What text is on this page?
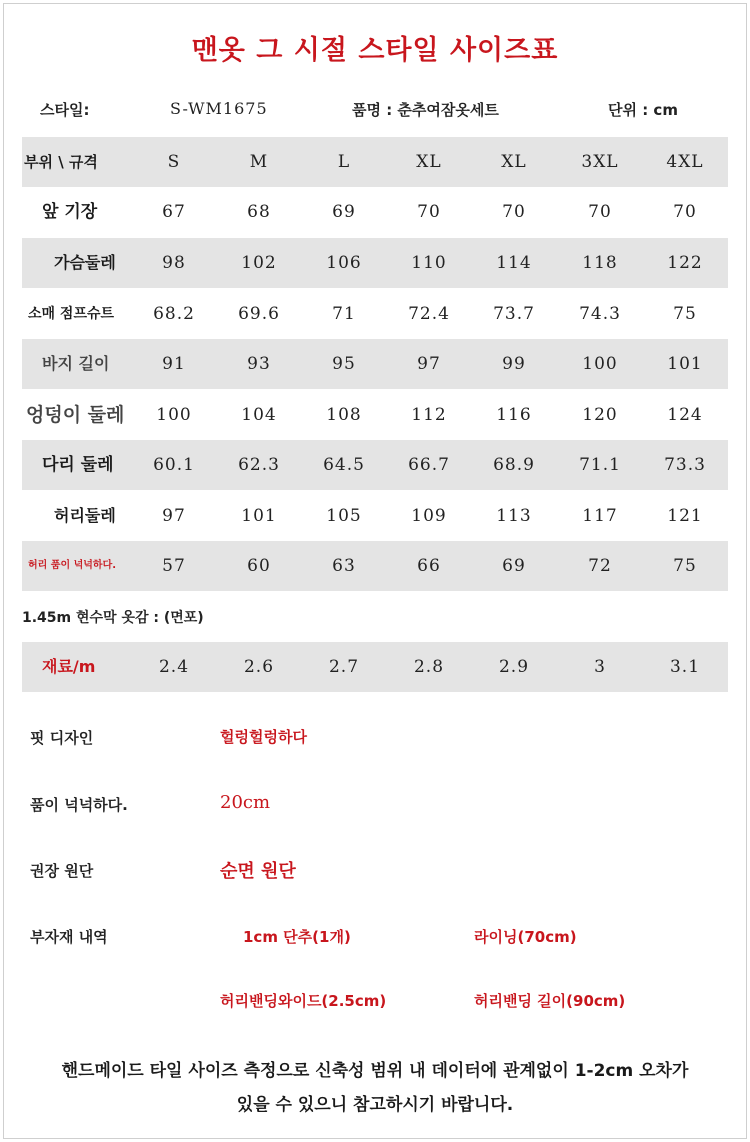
맨옷 그 시절 스타일 사이즈표
스타일:	S-WM1675	품명 : 춘추여잠옷세트	단위 : cm
부위 \ 규격	S	M	L	XL	XL	3XL	4XL
앞 기장	67	68	69	70	70	70	70
가슴둘레	98	102	106	110	114	118	122
소매 점프슈트	68.2	69.6	71	72.4	73.7	74.3	75
바지 길이	91	93	95	97	99	100	101
엉덩이 둘레	100	104	108	112	116	120	124
다리 둘레	60.1	62.3	64.5	66.7	68.9	71.1	73.3
허리둘레	97	101	105	109	113	117	121
허리 품이 넉넉하다.	57	60	63	66	69	72	75
1.45m 현수막 옷감 : (면포)
재료/m	2.4	2.6	2.7	2.8	2.9	3	3.1
핏 디자인	헐렁헐렁하다
품이 넉넉하다.	20cm
권장 원단	순면 원단
부자재 내역	1cm 단추(1개)	라이닝(70cm)
허리밴딩와이드(2.5cm)	허리밴딩 길이(90cm)
핸드메이드 타일 사이즈 측정으로 신축성 범위 내 데이터에 관계없이 1-2cm 오차가
있을 수 있으니 참고하시기 바랍니다.
